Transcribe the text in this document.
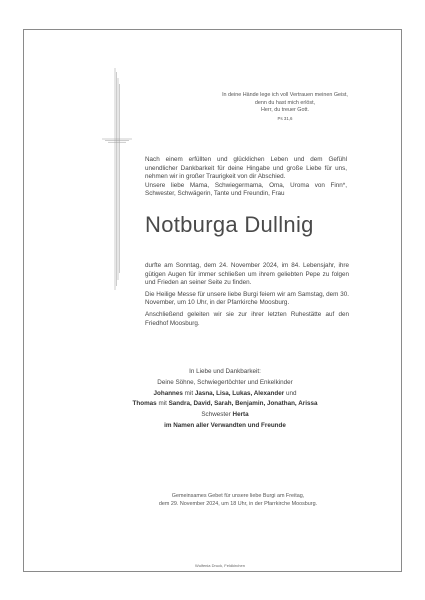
In deine Hände lege ich voll Vertrauen meinen Geist,
denn du hast mich erlöst,
Herr, du treuer Gott.
Ps 31,6

Nach einem erfüllten und glücklichen Leben und dem Gefühl unendlicher Dankbarkeit für deine Hingabe und große Liebe für uns, nehmen wir in großer Traurigkeit von dir Abschied.

Unsere liebe Mama, Schwiegermama, Oma, Uroma von Finn*, Schwester, Schwägerin, Tante und Freundin, Frau

Notburga Dullnig

durfte am Sonntag, dem 24. November 2024, im 84. Lebensjahr, ihre gütigen Augen für immer schließen um ihrem geliebten Pepe zu folgen und Frieden an seiner Seite zu finden.

Die Heilige Messe für unsere liebe Burgi feiern wir am Samstag, dem 30. November, um 10 Uhr, in der Pfarrkirche Moosburg.

Anschließend geleiten wir sie zur ihrer letzten Ruhestätte auf den Friedhof Moosburg.

In Liebe und Dankbarkeit:
Deine Söhne, Schwiegertöchter und Enkelkinder
Johannes mit Jasna, Lisa, Lukas, Alexander und
Thomas mit Sandra, David, Sarah, Benjamin, Jonathan, Arissa
Schwester Herta
im Namen aller Verwandten und Freunde
Gemeinsames Gebet für unsere liebe Burgi am Freitag,
dem 29. November 2024, um 18 Uhr, in der Pfarrkirche Moosburg.
Wulfenia Druck, Feldkirchen
